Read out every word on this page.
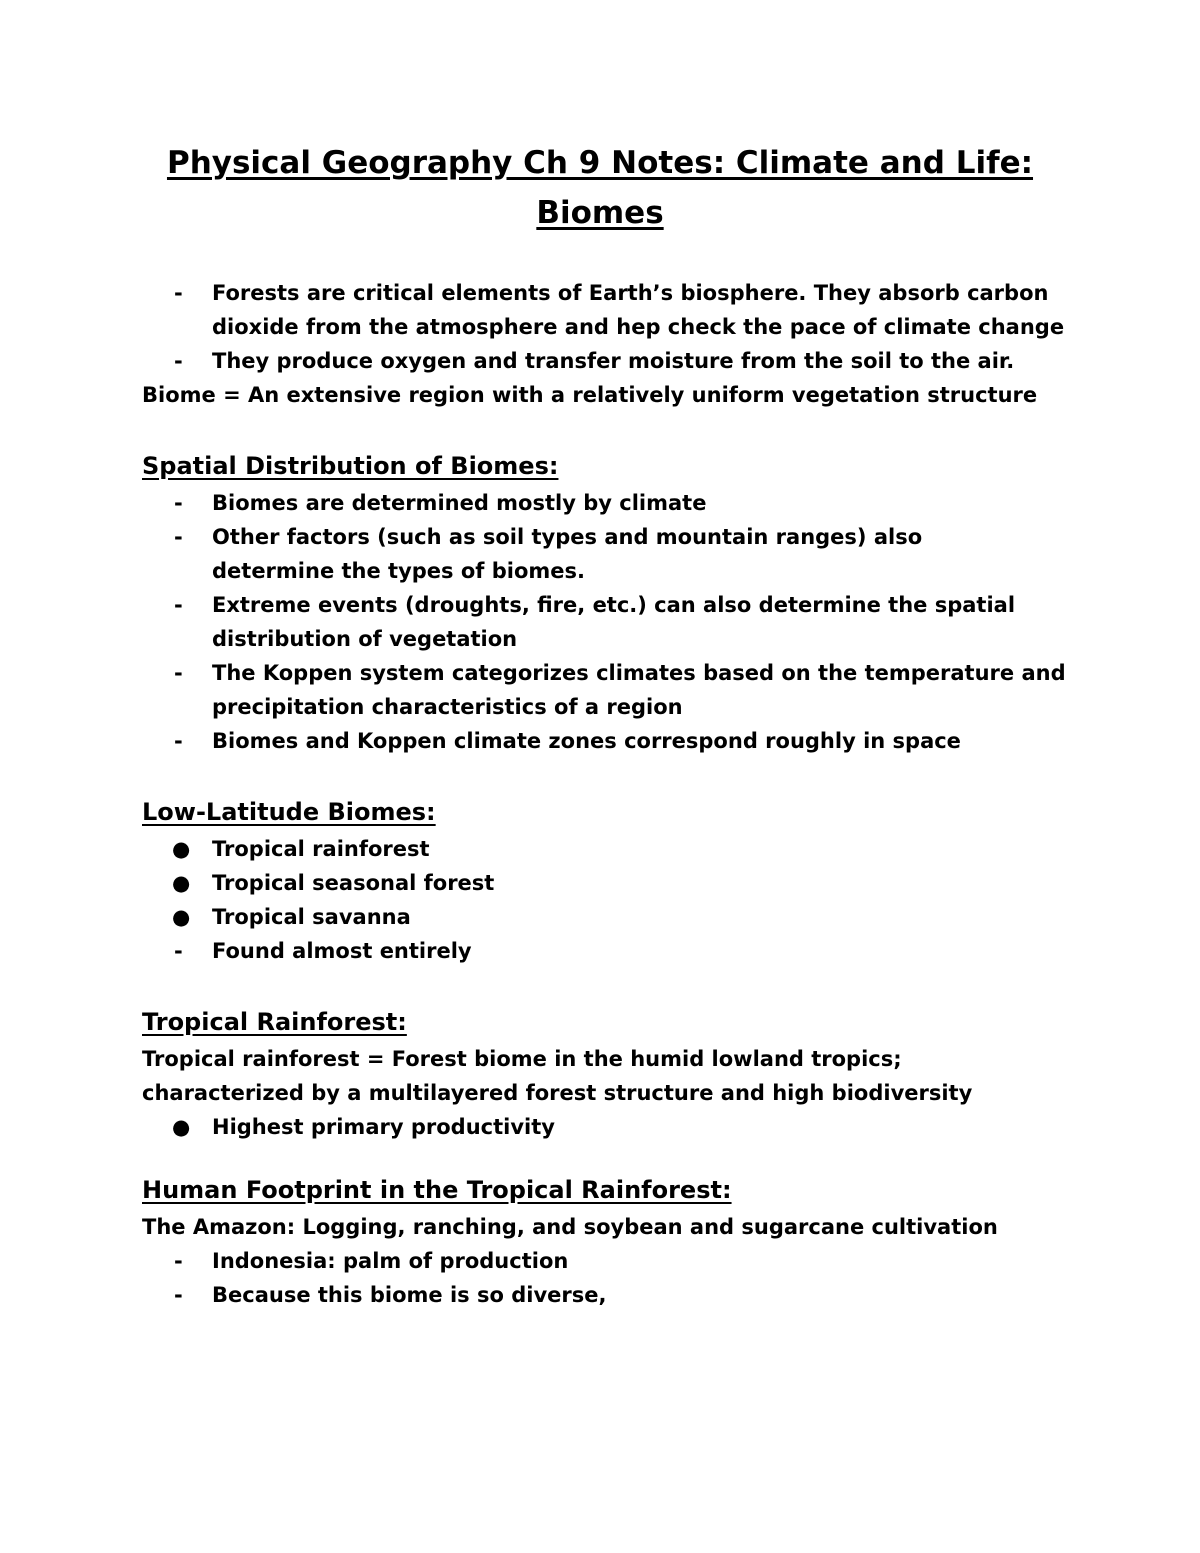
Physical Geography Ch 9 Notes: Climate and Life: Biomes
- Forests are critical elements of Earth’s biosphere. They absorb carbon dioxide from the atmosphere and hep check the pace of climate change
- They produce oxygen and transfer moisture from the soil to the air.

Biome = An extensive region with a relatively uniform vegetation structure

Spatial Distribution of Biomes:
- Biomes are determined mostly by climate
- Other factors (such as soil types and mountain ranges) also determine the types of biomes.
- Extreme events (droughts, fire, etc.) can also determine the spatial distribution of vegetation
- The Koppen system categorizes climates based on the temperature and precipitation characteristics of a region
- Biomes and Koppen climate zones correspond roughly in space
Low-Latitude Biomes:
● Tropical rainforest
● Tropical seasonal forest
● Tropical savanna
- Found almost entirely
Tropical Rainforest:

Tropical rainforest = Forest biome in the humid lowland tropics; characterized by a multilayered forest structure and high biodiversity

● Highest primary productivity
Human Footprint in the Tropical Rainforest:

The Amazon: Logging, ranching, and soybean and sugarcane cultivation

- Indonesia: palm of production
- Because this biome is so diverse,
